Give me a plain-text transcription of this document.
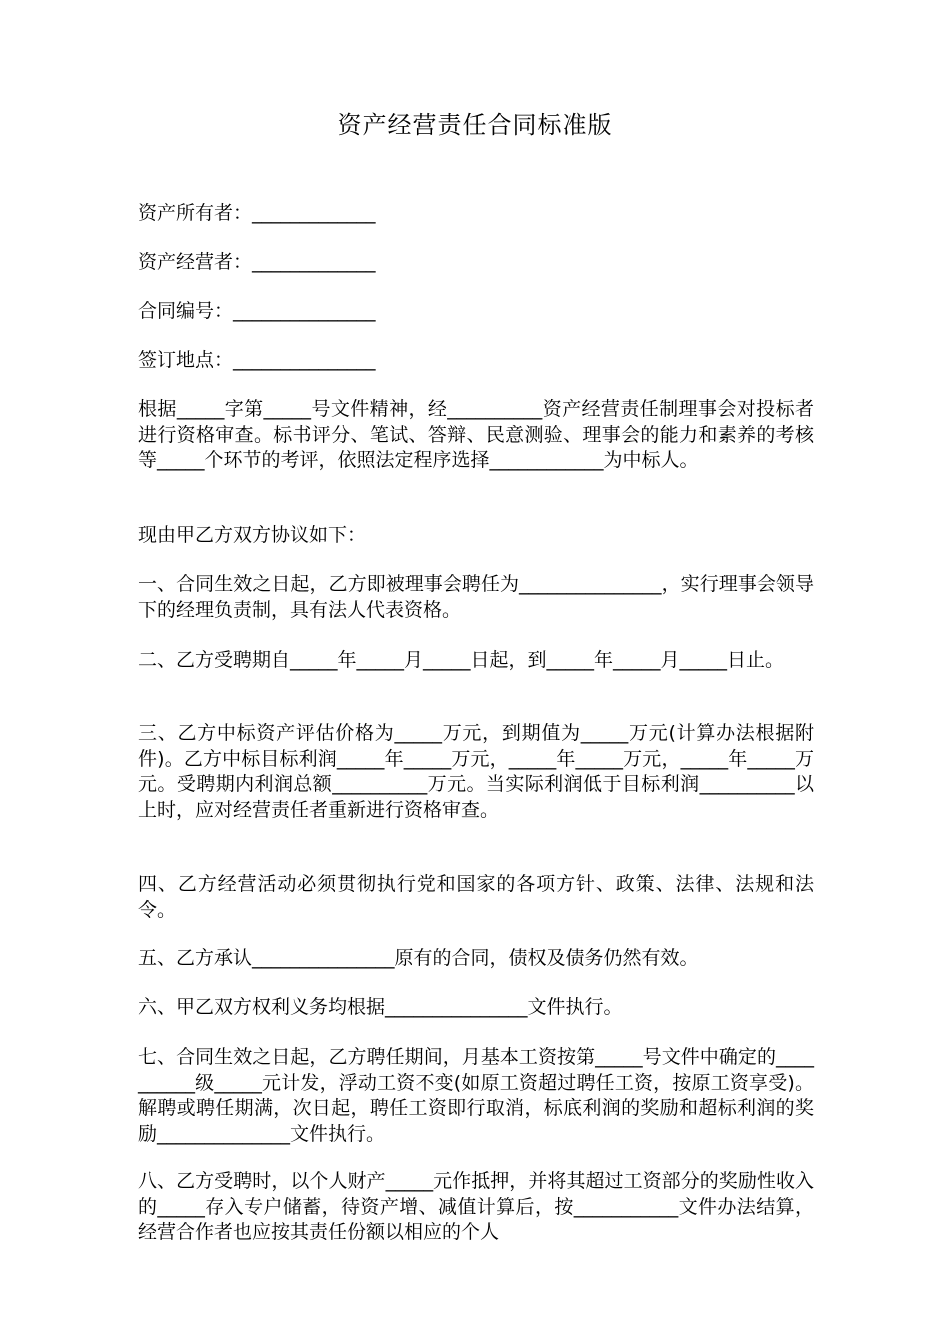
资产经营责任合同标准版
资产所有者：_____________
资产经营者：_____________
合同编号：_______________
签订地点：_______________
根据_____字第_____号文件精神，经__________资产经营责任制理事会对投标者进行资格审查。标书评分、笔试、答辩、民意测验、理事会的能力和素养的考核等_____个环节的考评，依照法定程序选择____________为中标人。
现由甲乙方双方协议如下：
一、合同生效之日起，乙方即被理事会聘任为_______________，实行理事会领导下的经理负责制，具有法人代表资格。
二、乙方受聘期自_____年_____月_____日起，到_____年_____月_____日止。
三、乙方中标资产评估价格为_____万元，到期值为_____万元(计算办法根据附件)。乙方中标目标利润_____年_____万元，_____年_____万元，_____年_____万元。受聘期内利润总额__________万元。当实际利润低于目标利润__________以上时，应对经营责任者重新进行资格审查。
四、乙方经营活动必须贯彻执行党和国家的各项方针、政策、法律、法规和法令。
五、乙方承认_______________原有的合同，债权及债务仍然有效。
六、甲乙双方权利义务均根据_______________文件执行。
七、合同生效之日起，乙方聘任期间，月基本工资按第_____号文件中确定的__________级_____元计发，浮动工资不变(如原工资超过聘任工资，按原工资享受)。解聘或聘任期满，次日起，聘任工资即行取消，标底利润的奖励和超标利润的奖励______________文件执行。
八、乙方受聘时，以个人财产_____元作抵押，并将其超过工资部分的奖励性收入的_____存入专户储蓄，待资产增、减值计算后，按___________文件办法结算，经营合作者也应按其责任份额以相应的个人
